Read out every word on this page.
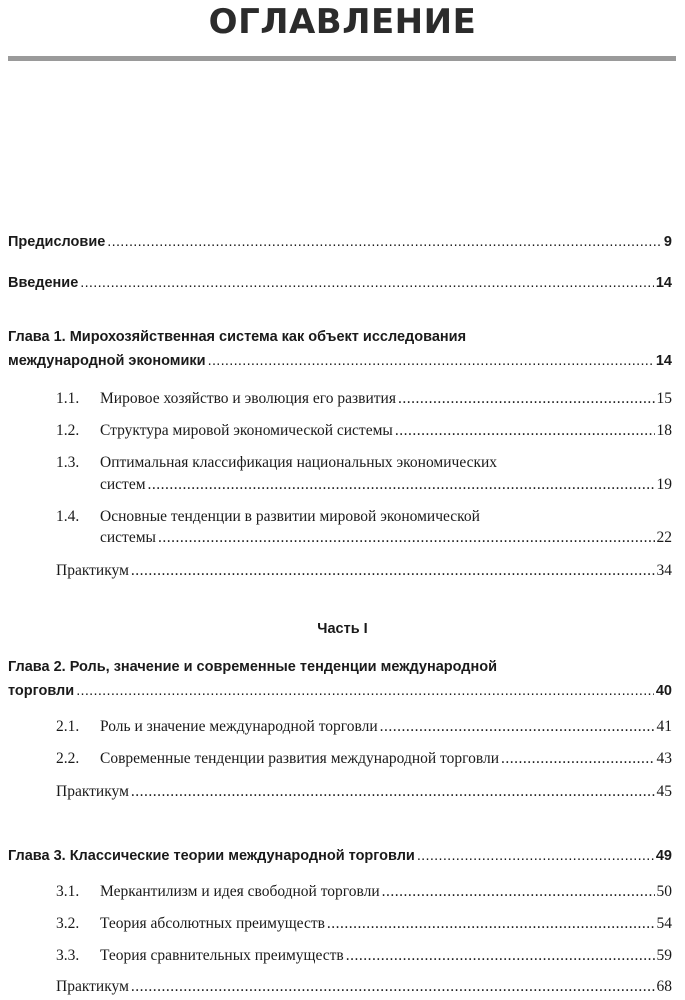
ОГЛАВЛЕНИЕ
Предисловие .....	9
Введение .....	14
Глава 1. Мирохозяйственная система как объект исследования
международной экономики .....	14
1.1.	Мировое хозяйство и эволюция его развития .....	15
1.2.	Структура мировой экономической системы .....	18
1.3.	Оптимальная классификация национальных экономических
систем .....	19
1.4.	Основные тенденции в развитии мировой экономической
системы .....	22
Практикум .....	34
Часть I
Глава 2. Роль, значение и современные тенденции международной
торговли .....	40
2.1.	Роль и значение международной торговли .....	41
2.2.	Современные тенденции развития международной торговли .....	43
Практикум .....	45
Глава 3. Классические теории международной торговли .....	49
3.1.	Меркантилизм и идея свободной торговли .....	50
3.2.	Теория абсолютных преимуществ .....	54
3.3.	Теория сравнительных преимуществ .....	59
Практикум .....	68
